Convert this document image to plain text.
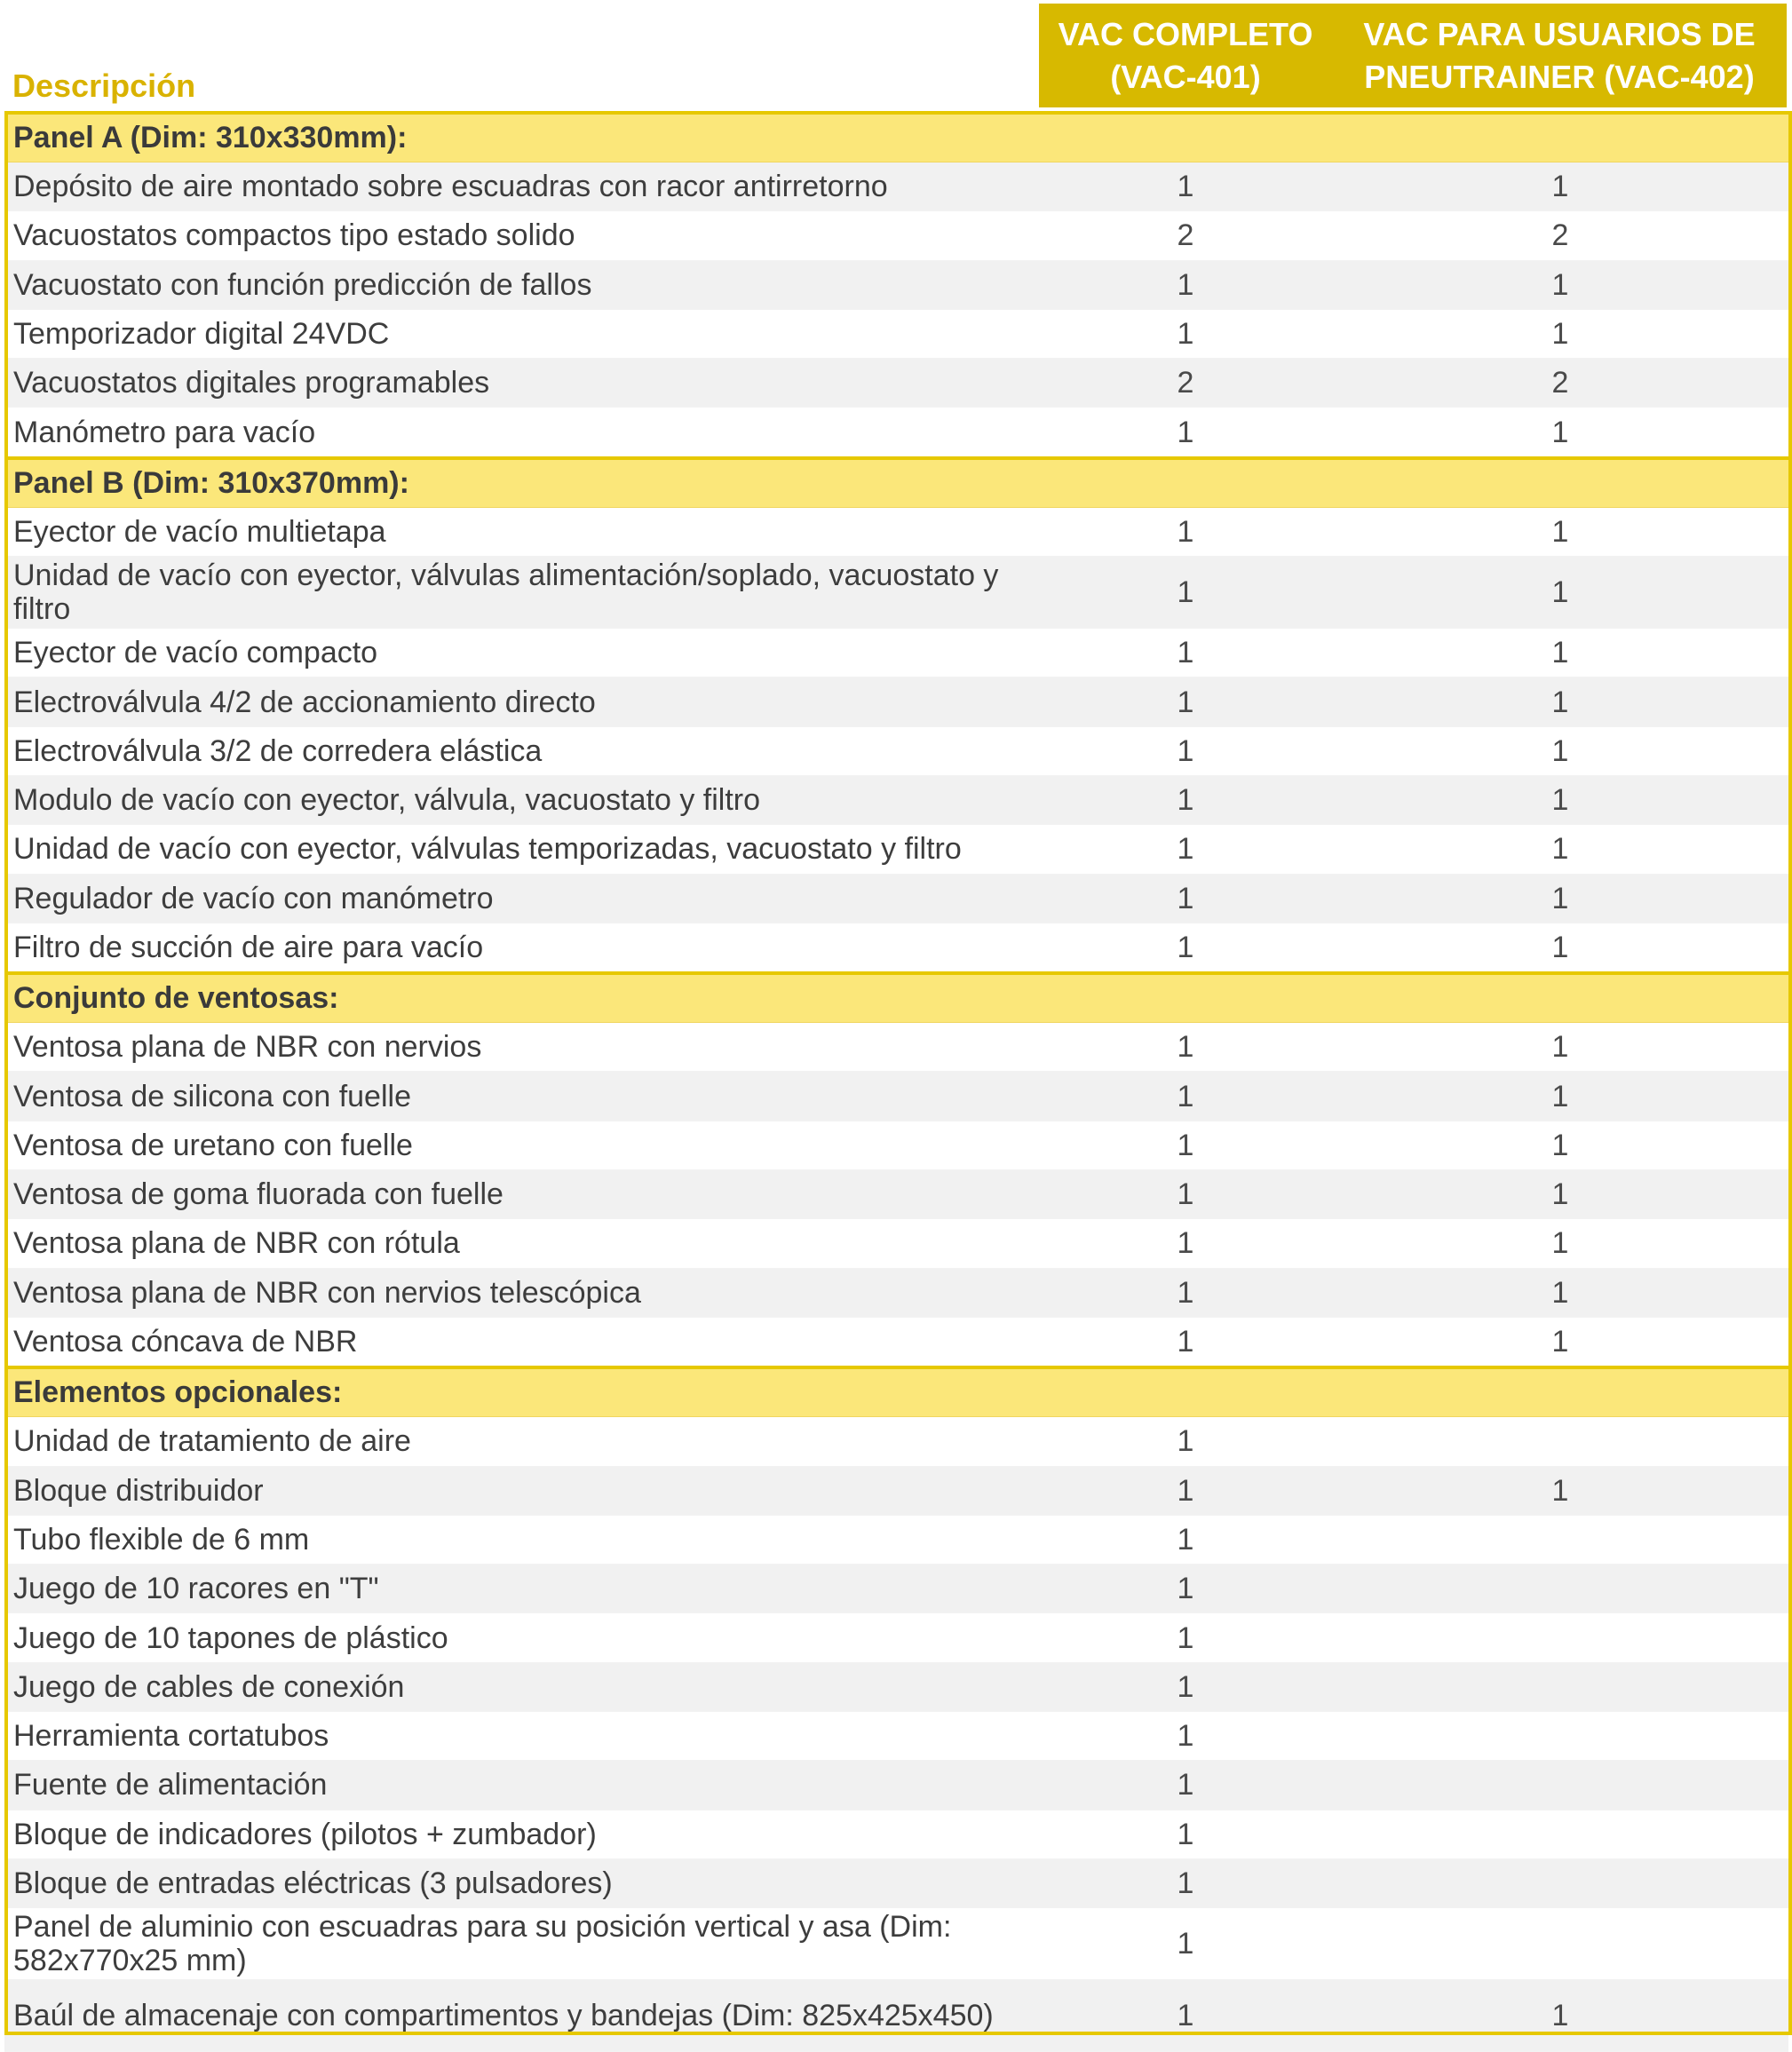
Descripción
VAC COMPLETO (VAC-401)
VAC PARA USUARIOS DE PNEUTRAINER (VAC-402)
Panel A (Dim: 310x330mm):		
Depósito de aire montado sobre escuadras con racor antirretorno	1	1
Vacuostatos compactos tipo estado solido	2	2
Vacuostato con función predicción de fallos	1	1
Temporizador digital 24VDC	1	1
Vacuostatos digitales programables	2	2
Manómetro para vacío	1	1
Panel B (Dim: 310x370mm):		
Eyector de vacío multietapa	1	1
Unidad de vacío con eyector, válvulas alimentación/soplado, vacuostato y filtro	1	1
Eyector de vacío compacto	1	1
Electroválvula 4/2 de accionamiento directo	1	1
Electroválvula 3/2 de corredera elástica	1	1
Modulo de vacío con eyector, válvula, vacuostato y filtro	1	1
Unidad de vacío con eyector, válvulas temporizadas, vacuostato y filtro	1	1
Regulador de vacío con manómetro	1	1
Filtro de succión de aire para vacío	1	1
Conjunto de ventosas:		
Ventosa plana de NBR con nervios	1	1
Ventosa de silicona con fuelle	1	1
Ventosa de uretano con fuelle	1	1
Ventosa de goma fluorada con fuelle	1	1
Ventosa plana de NBR con rótula	1	1
Ventosa plana de NBR con nervios telescópica	1	1
Ventosa cóncava de NBR	1	1
Elementos opcionales:		
Unidad de tratamiento de aire	1	
Bloque distribuidor	1	1
Tubo flexible de 6 mm	1	
Juego de 10 racores en "T"	1	
Juego de 10 tapones de plástico	1	
Juego de cables de conexión	1	
Herramienta cortatubos	1	
Fuente de alimentación	1	
Bloque de indicadores (pilotos + zumbador)	1	
Bloque de entradas eléctricas (3 pulsadores)	1	
Panel de aluminio con escuadras para su posición vertical y asa (Dim: 582x770x25 mm)	1	
Baúl de almacenaje con compartimentos y bandejas (Dim: 825x425x450)	1	1
